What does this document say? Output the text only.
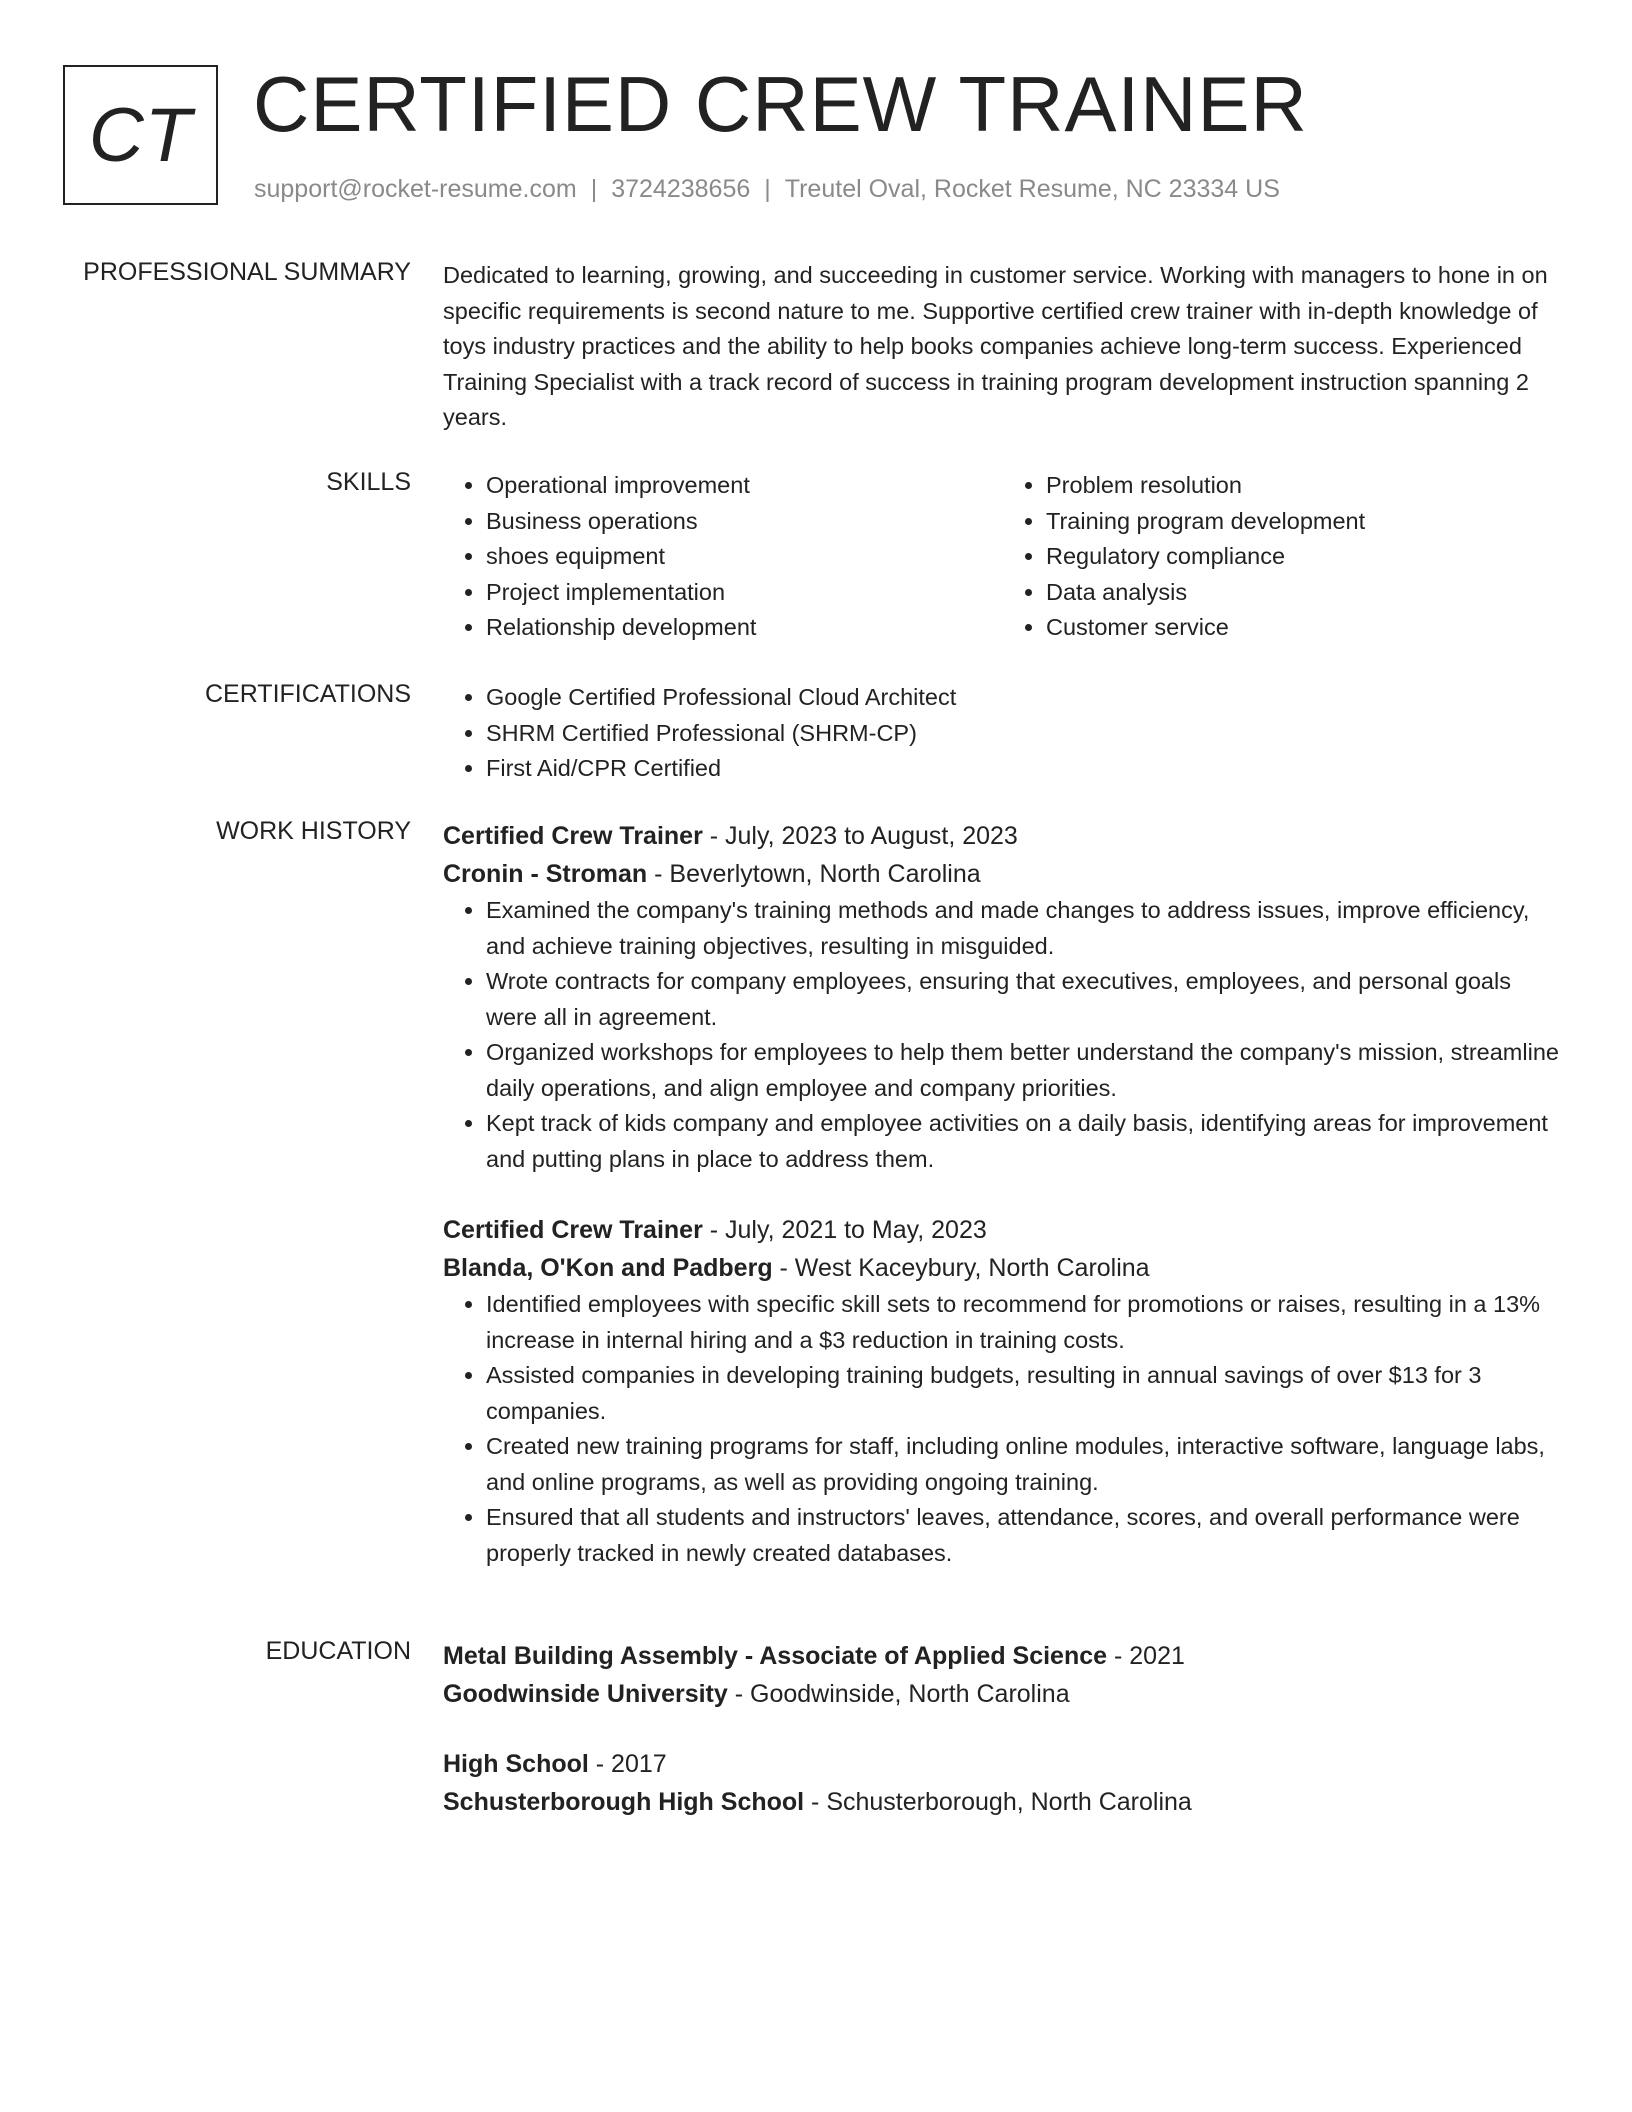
CT CERTIFIED CREW TRAINER
support@rocket-resume.com | 3724238656 | Treutel Oval, Rocket Resume, NC 23334 US
PROFESSIONAL SUMMARY Dedicated to learning, growing, and succeeding in customer service. Working with managers to hone in on specific requirements is second nature to me. Supportive certified crew trainer with in-depth knowledge of toys industry practices and the ability to help books companies achieve long-term success. Experienced Training Specialist with a track record of success in training program development instruction spanning 2 years.
SKILLS	• Operational improvement
• Business operations
• shoes equipment
• Project implementation
• Relationship development
• Problem resolution
• Training program development
• Regulatory compliance
• Data analysis
• Customer service
CERTIFICATIONS	• Google Certified Professional Cloud Architect
• SHRM Certified Professional (SHRM-CP)
• First Aid/CPR Certified
WORK HISTORY Certified Crew Trainer - July, 2023 to August, 2023
Cronin - Stroman - Beverlytown, North Carolina
• Examined the company's training methods and made changes to address issues, improve efficiency, and achieve training objectives, resulting in misguided.
• Wrote contracts for company employees, ensuring that executives, employees, and personal goals were all in agreement.
• Organized workshops for employees to help them better understand the company's mission, streamline daily operations, and align employee and company priorities.
• Kept track of kids company and employee activities on a daily basis, identifying areas for improvement and putting plans in place to address them.
Certified Crew Trainer - July, 2021 to May, 2023
Blanda, O'Kon and Padberg - West Kaceybury, North Carolina
• Identified employees with specific skill sets to recommend for promotions or raises, resulting in a 13% increase in internal hiring and a $3 reduction in training costs.
• Assisted companies in developing training budgets, resulting in annual savings of over $13 for 3 companies.
• Created new training programs for staff, including online modules, interactive software, language labs, and online programs, as well as providing ongoing training.
• Ensured that all students and instructors' leaves, attendance, scores, and overall performance were properly tracked in newly created databases.
EDUCATION Metal Building Assembly - Associate of Applied Science - 2021
Goodwinside University - Goodwinside, North Carolina
High School - 2017
Schusterborough High School - Schusterborough, North Carolina
